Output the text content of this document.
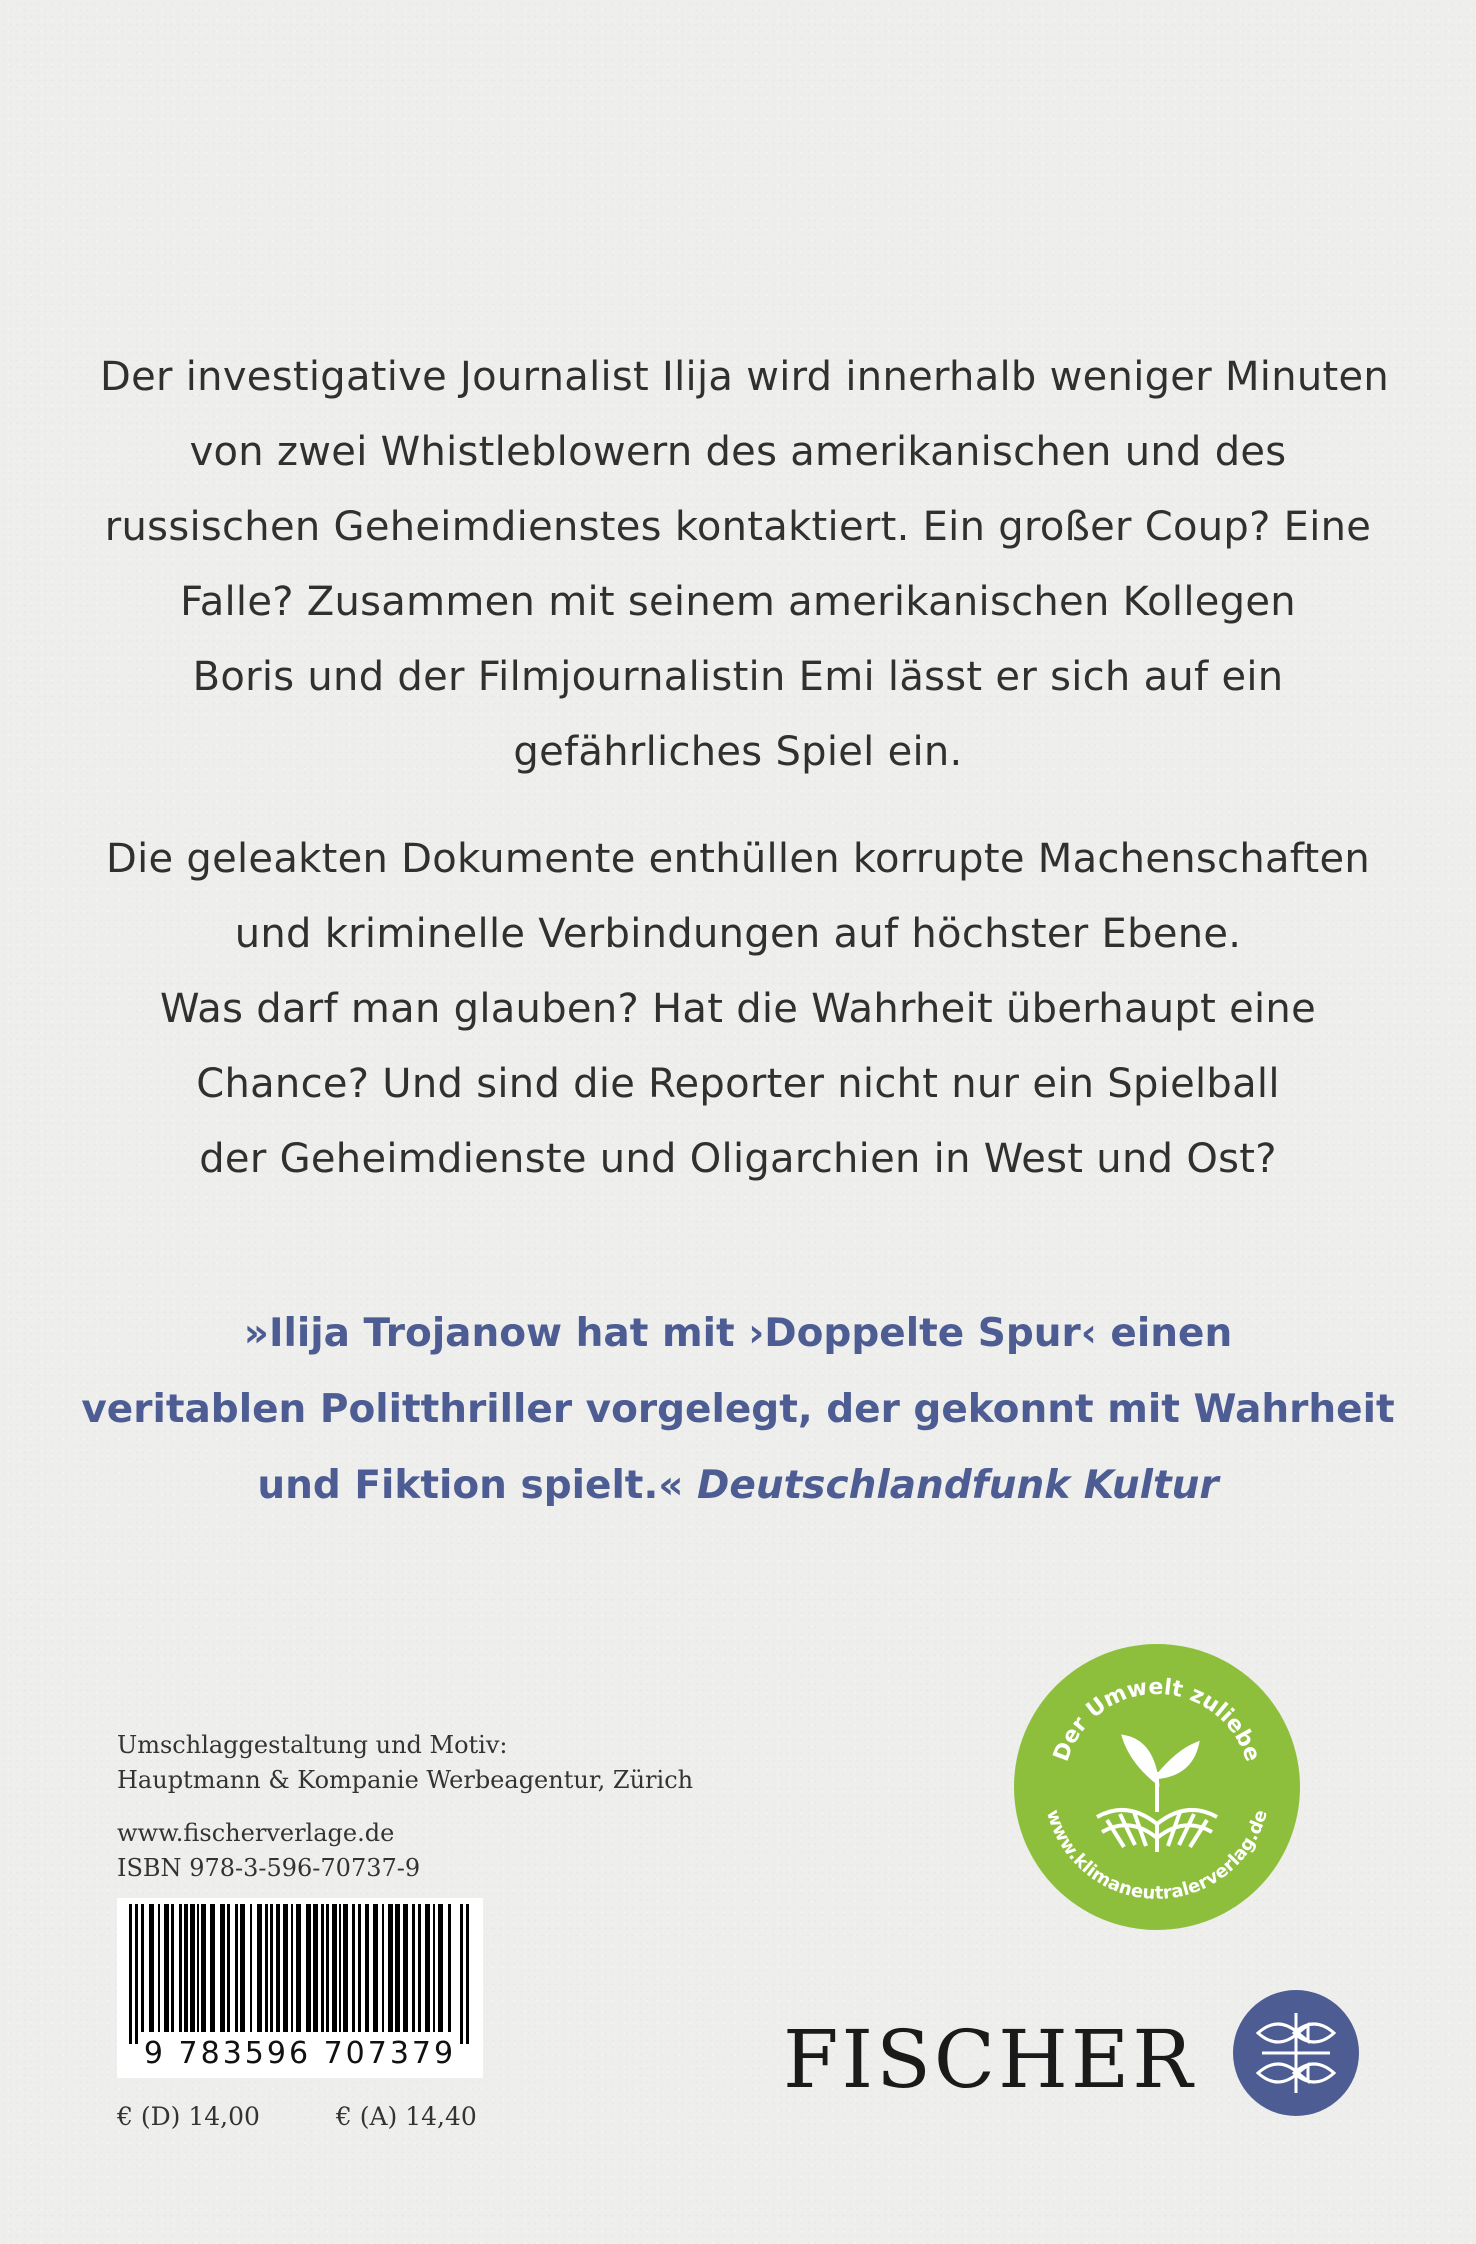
Der investigative Journalist Ilija wird innerhalb weniger Minuten
von zwei Whistleblowern des amerikanischen und des
russischen Geheimdienstes kontaktiert. Ein großer Coup? Eine
Falle? Zusammen mit seinem amerikanischen Kollegen
Boris und der Filmjournalistin Emi lässt er sich auf ein
gefährliches Spiel ein.
Die geleakten Dokumente enthüllen korrupte Machenschaften
und kriminelle Verbindungen auf höchster Ebene.
Was darf man glauben? Hat die Wahrheit überhaupt eine
Chance? Und sind die Reporter nicht nur ein Spielball
der Geheimdienste und Oligarchien in West und Ost?
»Ilija Trojanow hat mit ›Doppelte Spur‹ einen
veritablen Politthriller vorgelegt, der gekonnt mit Wahrheit
und Fiktion spielt.« Deutschlandfunk Kultur
Umschlaggestaltung und Motiv:
Hauptmann & Kompanie Werbeagentur, Zürich
www.fischerverlage.de
ISBN 978-3-596-70737-9
9 783596 707379
€ (D) 14,00	€ (A) 14,40
Der Umwelt zuliebe
www.klimaneutralerverlag.de
FISCHER
